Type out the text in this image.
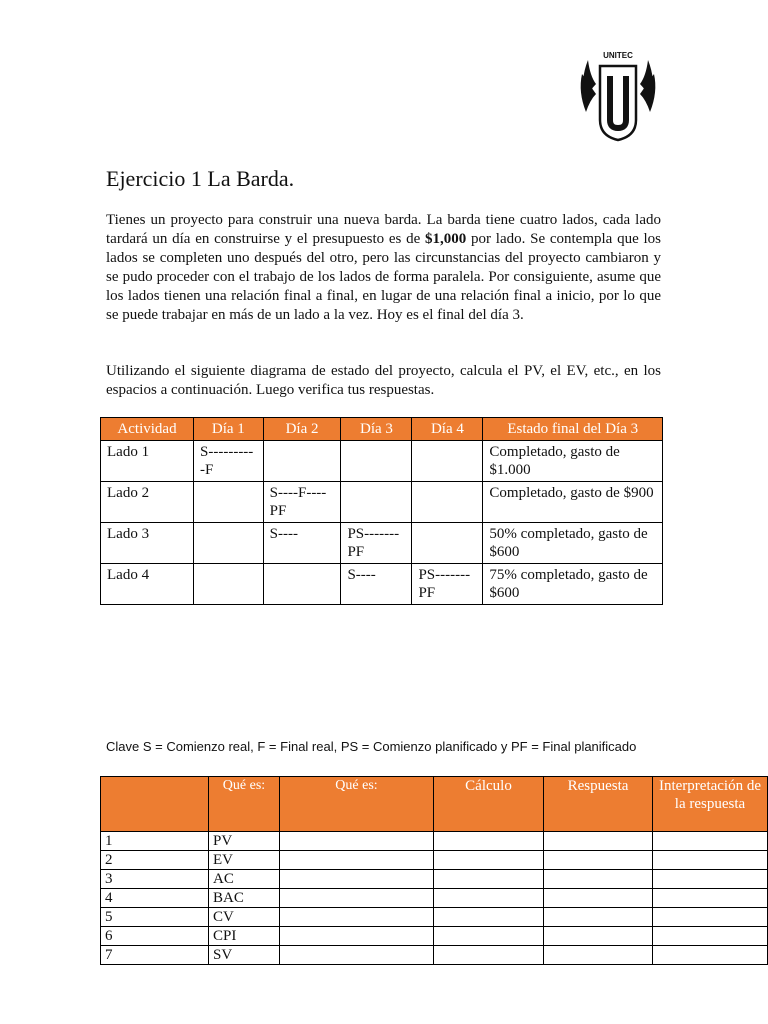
UNITEC
U
Ejercicio 1 La Barda.

Tienes un proyecto para construir una nueva barda. La barda tiene cuatro lados, cada lado tardará un día en construirse y el presupuesto es de $1,000 por lado. Se contempla que los lados se completen uno después del otro, pero las circunstancias del proyecto cambiaron y se pudo proceder con el trabajo de los lados de forma paralela. Por consiguiente, asume que los lados tienen una relación final a final, en lugar de una relación final a inicio, por lo que se puede trabajar en más de un lado a la vez. Hoy es el final del día 3.

Utilizando el siguiente diagrama de estado del proyecto, calcula el PV, el EV, etc., en los espacios a continuación. Luego verifica tus respuestas.

Actividad	Día 1	Día 2	Día 3	Día 4	Estado final del Día 3
Lado 1	S----------F				Completado, gasto de $1.000
Lado 2		S----F---- PF			Completado, gasto de $900
Lado 3		S----	PS-------PF		50% completado, gasto de $600
Lado 4			S----	PS-------PF	75% completado, gasto de $600

Clave S = Comienzo real, F = Final real, PS = Comienzo planificado y PF = Final planificado

	Qué es:	Qué es:	Cálculo	Respuesta	Interpretación de la respuesta
1	PV				
2	EV				
3	AC				
4	BAC				
5	CV				
6	CPI				
7	SV				
